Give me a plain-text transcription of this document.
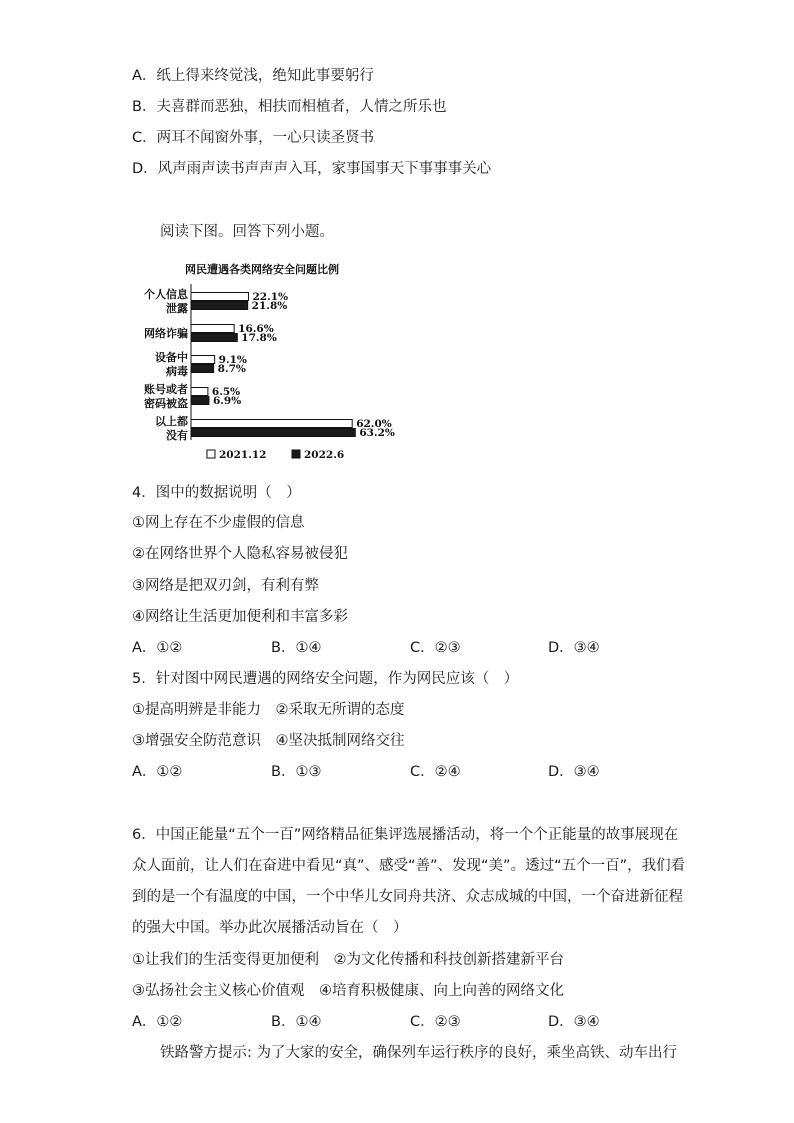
A．纸上得来终觉浅，绝知此事要躬行
B．夫喜群而恶独，相扶而相植者，人情之所乐也
C．两耳不闻窗外事，一心只读圣贤书
D．风声雨声读书声声声入耳，家事国事天下事事事关心
阅读下图。回答下列小题。
网民遭遇各类网络安全问题比例
个人信息
泄露
22.1%
21.8%
网络诈骗	16.6%
17.8%
设备中
病毒
9.1%
8.7%
账号或者
密码被盗
6.5%
6.9%
以上都
没有
62.0%
63.2%
2021.12	2022.6
4．图中的数据说明（　）
①网上存在不少虚假的信息
②在网络世界个人隐私容易被侵犯
③网络是把双刃剑，有利有弊
④网络让生活更加便利和丰富多彩
A．①②	B．①④	C．②③	D．③④
5．针对图中网民遭遇的网络安全问题，作为网民应该（　）
①提高明辨是非能力　②采取无所谓的态度
③增强安全防范意识　④坚决抵制网络交往
A．①②	B．①③	C．②④	D．③④
6．中国正能量“五个一百”网络精品征集评选展播活动，将一个个正能量的故事展现在
众人面前，让人们在奋进中看见“真”、感受“善”、发现“美”。透过“五个一百”，我们看
到的是一个有温度的中国，一个中华儿女同舟共济、众志成城的中国，一个奋进新征程
的强大中国。举办此次展播活动旨在（　）
①让我们的生活变得更加便利　②为文化传播和科技创新搭建新平台
③弘扬社会主义核心价值观　④培育积极健康、向上向善的网络文化
A．①②	B．①④	C．②③	D．③④
铁路警方提示: 为了大家的安全，确保列车运行秩序的良好，乘坐高铁、动车出行
